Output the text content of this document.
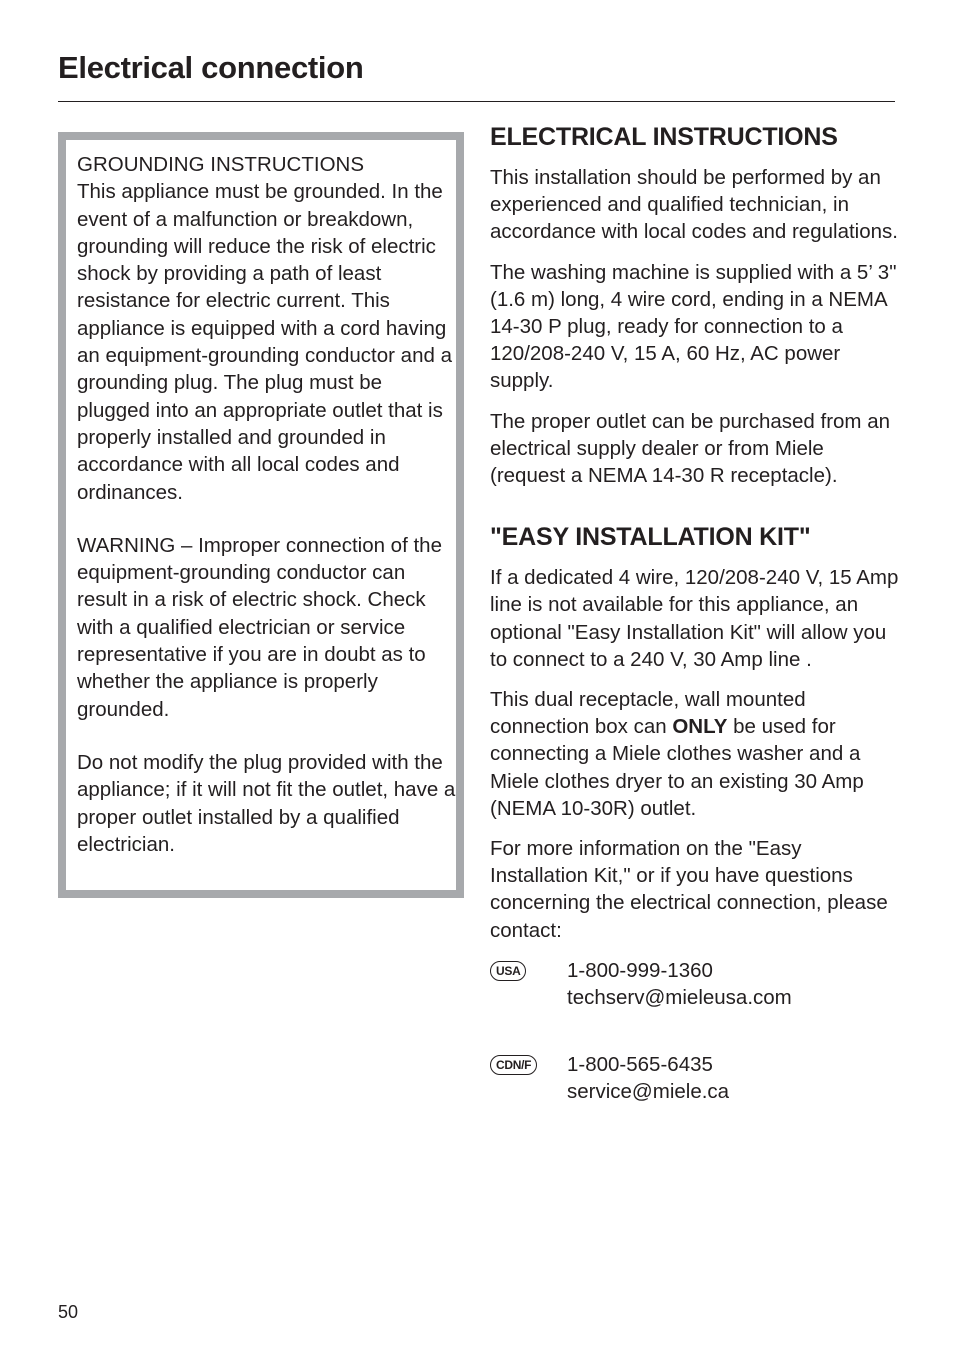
Electrical connection

GROUNDING INSTRUCTIONS
This appliance must be grounded. In the event of a malfunction or breakdown, grounding will reduce the risk of electric shock by providing a path of least resistance for electric current. This appliance is equipped with a cord having an equipment-grounding conductor and a grounding plug. The plug must be plugged into an appropriate outlet that is properly installed and grounded in accordance with all local codes and ordinances.

WARNING – Improper connection of the equipment-grounding conductor can result in a risk of electric shock. Check with a qualified electrician or service representative if you are in doubt as to whether the appliance is properly grounded.

Do not modify the plug provided with the appliance; if it will not fit the outlet, have a proper outlet installed by a qualified electrician.

ELECTRICAL INSTRUCTIONS

This installation should be performed by an experienced and qualified technician, in accordance with local codes and regulations.

The washing machine is supplied with a 5’ 3" (1.6 m) long, 4 wire cord, ending in a NEMA 14-30 P plug, ready for connection to a 120/208-240 V, 15 A, 60 Hz, AC power supply.

The proper outlet can be purchased from an electrical supply dealer or from Miele (request a NEMA 14-30 R receptacle).

"EASY INSTALLATION KIT"

If a dedicated 4 wire, 120/208-240 V, 15 Amp line is not available for this appliance, an optional "Easy Installation Kit" will allow you to connect to a 240 V, 30 Amp line .

This dual receptacle, wall mounted connection box can ONLY be used for connecting a Miele clothes washer and a Miele clothes dryer to an existing 30 Amp (NEMA 10-30R) outlet.

For more information on the "Easy Installation Kit," or if you have questions concerning the electrical connection, please contact:

USA 1-800-999-1360
techserv@mieleusa.com
CDN/F 1-800-565-6435
service@miele.ca
50
